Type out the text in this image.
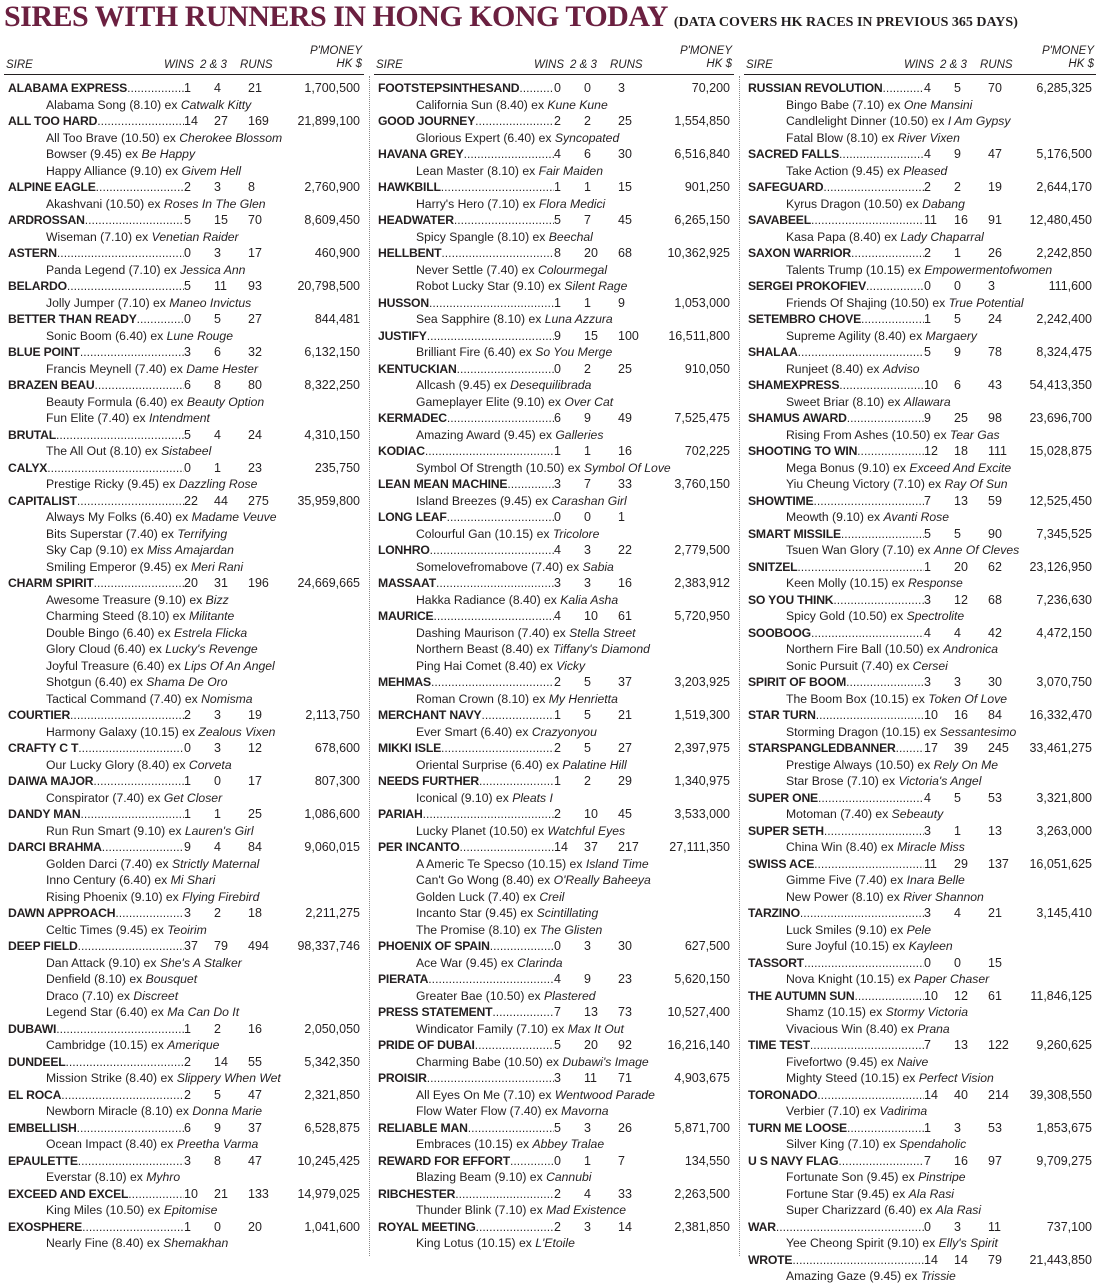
SIRES WITH RUNNERS IN HONG KONG TODAY (DATA COVERS HK RACES IN PREVIOUS 365 DAYS)
SIRE	WINS 2 & 3 RUNS
P'MONEY
HK $
ALABAMA EXPRESS .....	1	4	21	1,700,500
Alabama Song (8.10) ex Catwalk Kitty
ALL TOO HARD .....	14 27	169	21,899,100
All Too Brave (10.50) ex Cherokee Blossom
Bowser (9.45) ex Be Happy
Happy Alliance (9.10) ex Givem Hell
ALPINE EAGLE .....	2	3	8	2,760,900
Akashvani (10.50) ex Roses In The Glen
ARDROSSAN .....	5	15	70	8,609,450
Wiseman (7.10) ex Venetian Raider
ASTERN .....	0	3	17	460,900
Panda Legend (7.10) ex Jessica Ann
BELARDO .....	5	11	93	20,798,500
Jolly Jumper (7.10) ex Maneo Invictus
BETTER THAN READY .....	0	5	27	844,481
Sonic Boom (6.40) ex Lune Rouge
BLUE POINT .....	3	6	32	6,132,150
Francis Meynell (7.40) ex Dame Hester
BRAZEN BEAU .....	6	8	80	8,322,250
Beauty Formula (6.40) ex Beauty Option
Fun Elite (7.40) ex Intendment
BRUTAL .....	5	4	24	4,310,150
The All Out (8.10) ex Sistabeel
CALYX .....	0	1	23	235,750
Prestige Ricky (9.45) ex Dazzling Rose
CAPITALIST .....	22 44	275	35,959,800
Always My Folks (6.40) ex Madame Veuve
Bits Superstar (7.40) ex Terrifying
Sky Cap (9.10) ex Miss Amajardan
Smiling Emperor (9.45) ex Meri Rani
CHARM SPIRIT .....	20 31	196	24,669,665
Awesome Treasure (9.10) ex Bizz
Charming Steed (8.10) ex Militante
Double Bingo (6.40) ex Estrela Flicka
Glory Cloud (6.40) ex Lucky's Revenge
Joyful Treasure (6.40) ex Lips Of An Angel
Shotgun (6.40) ex Shama De Oro
Tactical Command (7.40) ex Nomisma
COURTIER .....	2	3	19	2,113,750
Harmony Galaxy (10.15) ex Zealous Vixen
CRAFTY C T .....	0	3	12	678,600
Our Lucky Glory (8.40) ex Corveta
DAIWA MAJOR .....	1	0	17	807,300
Conspirator (7.40) ex Get Closer
DANDY MAN .....	1	1	25	1,086,600
Run Run Smart (9.10) ex Lauren's Girl
DARCI BRAHMA .....	9	4	84	9,060,015
Golden Darci (7.40) ex Strictly Maternal
Inno Century (6.40) ex Mi Shari
Rising Phoenix (9.10) ex Flying Firebird
DAWN APPROACH .....	3	2	18	2,211,275
Celtic Times (9.45) ex Teoirim
DEEP FIELD .....	37 79	494	98,337,746
Dan Attack (9.10) ex She's A Stalker
Denfield (8.10) ex Bousquet
Draco (7.10) ex Discreet
Legend Star (6.40) ex Ma Can Do It
DUBAWI .....	1	2	16	2,050,050
Cambridge (10.15) ex Amerique
DUNDEEL .....	2	14	55	5,342,350
Mission Strike (8.40) ex Slippery When Wet
EL ROCA .....	2	5	47	2,321,850
Newborn Miracle (8.10) ex Donna Marie
EMBELLISH .....	6	9	37	6,528,875
Ocean Impact (8.40) ex Preetha Varma
EPAULETTE .....	3	8	47	10,245,425
Everstar (8.10) ex Myhro
EXCEED AND EXCEL .....	10 21	133	14,979,025
King Miles (10.50) ex Epitomise
EXOSPHERE .....	1	0	20	1,041,600
Nearly Fine (8.40) ex Shemakhan
SIRE	WINS 2 & 3 RUNS
P'MONEY
HK $
FOOTSTEPSINTHESAND .....	0	0	3	70,200
California Sun (8.40) ex Kune Kune
GOOD JOURNEY .....	2	2	25	1,554,850
Glorious Expert (6.40) ex Syncopated
HAVANA GREY .....	4	6	30	6,516,840
Lean Master (8.10) ex Fair Maiden
HAWKBILL .....	1	1	15	901,250
Harry's Hero (7.10) ex Flora Medici
HEADWATER .....	5	7	45	6,265,150
Spicy Spangle (8.10) ex Beechal
HELLBENT .....	8	20	68	10,362,925
Never Settle (7.40) ex Colourmegal
Robot Lucky Star (9.10) ex Silent Rage
HUSSON .....	1	1	9	1,053,000
Sea Sapphire (8.10) ex Luna Azzura
JUSTIFY .....	9	15	100	16,511,800
Brilliant Fire (6.40) ex So You Merge
KENTUCKIAN .....	0	2	25	910,050
Allcash (9.45) ex Desequilibrada
Gameplayer Elite (9.10) ex Over Cat
KERMADEC .....	6	9	49	7,525,475
Amazing Award (9.45) ex Galleries
KODIAC .....	1	1	16	702,225
Symbol Of Strength (10.50) ex Symbol Of Love
LEAN MEAN MACHINE .....	3	7	33	3,760,150
Island Breezes (9.45) ex Carashan Girl
LONG LEAF .....	0	0	1
Colourful Gan (10.15) ex Tricolore
LONHRO .....	4	3	22	2,779,500
Somelovefromabove (7.40) ex Sabia
MASSAAT .....	3	3	16	2,383,912
Hakka Radiance (8.40) ex Kalia Asha
MAURICE .....	4	10	61	5,720,950
Dashing Maurison (7.40) ex Stella Street
Northern Beast (8.40) ex Tiffany's Diamond
Ping Hai Comet (8.40) ex Vicky
MEHMAS .....	2	5	37	3,203,925
Roman Crown (8.10) ex My Henrietta
MERCHANT NAVY .....	1	5	21	1,519,300
Ever Smart (6.40) ex Crazyonyou
MIKKI ISLE .....	2	5	27	2,397,975
Oriental Surprise (6.40) ex Palatine Hill
NEEDS FURTHER .....	1	2	29	1,340,975
Iconical (9.10) ex Pleats I
PARIAH .....	2	10	45	3,533,000
Lucky Planet (10.50) ex Watchful Eyes
PER INCANTO .....	14 37	217	27,111,350
A Americ Te Specso (10.15) ex Island Time
Can't Go Wong (8.40) ex O'Really Baheeya
Golden Luck (7.40) ex Creil
Incanto Star (9.45) ex Scintillating
The Promise (8.10) ex The Glisten
PHOENIX OF SPAIN .....	0	3	30	627,500
Ace War (9.45) ex Clarinda
PIERATA .....	4	9	23	5,620,150
Greater Bae (10.50) ex Plastered
PRESS STATEMENT .....	7	13	73	10,527,400
Windicator Family (7.10) ex Max It Out
PRIDE OF DUBAI .....	5	20	92	16,216,140
Charming Babe (10.50) ex Dubawi's Image
PROISIR .....	3	11	71	4,903,675
All Eyes On Me (7.10) ex Wentwood Parade
Flow Water Flow (7.40) ex Mavorna
RELIABLE MAN .....	5	3	26	5,871,700
Embraces (10.15) ex Abbey Tralae
REWARD FOR EFFORT .....	0	1	7	134,550
Blazing Beam (9.10) ex Cannubi
RIBCHESTER .....	2	4	33	2,263,500
Thunder Blink (7.10) ex Mad Existence
ROYAL MEETING .....	2	3	14	2,381,850
King Lotus (10.15) ex L'Etoile
SIRE	WINS 2 & 3 RUNS
P'MONEY
HK $
RUSSIAN REVOLUTION .....	4	5	70	6,285,325
Bingo Babe (7.10) ex One Mansini
Candlelight Dinner (10.50) ex I Am Gypsy
Fatal Blow (8.10) ex River Vixen
SACRED FALLS .....	4	9	47	5,176,500
Take Action (9.45) ex Pleased
SAFEGUARD .....	2	2	19	2,644,170
Kyrus Dragon (10.50) ex Dabang
SAVABEEL .....	11 16	91	12,480,450
Kasa Papa (8.40) ex Lady Chaparral
SAXON WARRIOR .....	2	1	26	2,242,850
Talents Trump (10.15) ex Empowermentofwomen
SERGEI PROKOFIEV .....	0	0	3	111,600
Friends Of Shajing (10.50) ex True Potential
SETEMBRO CHOVE .....	1	5	24	2,242,400
Supreme Agility (8.40) ex Margaery
SHALAA .....	5	9	78	8,324,475
Runjeet (8.40) ex Adviso
SHAMEXPRESS .....	10 6	43	54,413,350
Sweet Briar (8.10) ex Allawara
SHAMUS AWARD .....	9	25	98	23,696,700
Rising From Ashes (10.50) ex Tear Gas
SHOOTING TO WIN .....	12 18	111	15,028,875
Mega Bonus (9.10) ex Exceed And Excite
Yiu Cheung Victory (7.10) ex Ray Of Sun
SHOWTIME .....	7	13	59	12,525,450
Meowth (9.10) ex Avanti Rose
SMART MISSILE .....	5	5	90	7,345,525
Tsuen Wan Glory (7.10) ex Anne Of Cleves
SNITZEL .....	1	20	62	23,126,950
Keen Molly (10.15) ex Response
SO YOU THINK .....	3	12	68	7,236,630
Spicy Gold (10.50) ex Spectrolite
SOOBOOG .....	4	4	42	4,472,150
Northern Fire Ball (10.50) ex Andronica
Sonic Pursuit (7.40) ex Cersei
SPIRIT OF BOOM .....	3	3	30	3,070,750
The Boom Box (10.15) ex Token Of Love
STAR TURN .....	10 16	84	16,332,470
Storming Dragon (10.15) ex Sessantesimo
STARSPANGLEDBANNER .....	17 39	245	33,461,275
Prestige Always (10.50) ex Rely On Me
Star Brose (7.10) ex Victoria's Angel
SUPER ONE .....	4	5	53	3,321,800
Motoman (7.40) ex Sebeauty
SUPER SETH .....	3	1	13	3,263,000
China Win (8.40) ex Miracle Miss
SWISS ACE .....	11 29	137	16,051,625
Gimme Five (7.40) ex Inara Belle
New Power (8.10) ex River Shannon
TARZINO .....	3	4	21	3,145,410
Luck Smiles (9.10) ex Pele
Sure Joyful (10.15) ex Kayleen
TASSORT .....	0	0	15
Nova Knight (10.15) ex Paper Chaser
THE AUTUMN SUN .....	10 12	61	11,846,125
Shamz (10.15) ex Stormy Victoria
Vivacious Win (8.40) ex Prana
TIME TEST .....	7	13	122	9,260,625
Fivefortwo (9.45) ex Naive
Mighty Steed (10.15) ex Perfect Vision
TORONADO .....	14 40	214	39,308,550
Verbier (7.10) ex Vadirima
TURN ME LOOSE .....	1	3	53	1,853,675
Silver King (7.10) ex Spendaholic
U S NAVY FLAG .....	7	16	97	9,709,275
Fortunate Son (9.45) ex Pinstripe
Fortune Star (9.45) ex Ala Rasi
Super Charizzard (6.40) ex Ala Rasi
WAR .....	0	3	11	737,100
Yee Cheong Spirit (9.10) ex Elly's Spirit
WROTE .....	14 14	79	21,443,850
Amazing Gaze (9.45) ex Trissie
